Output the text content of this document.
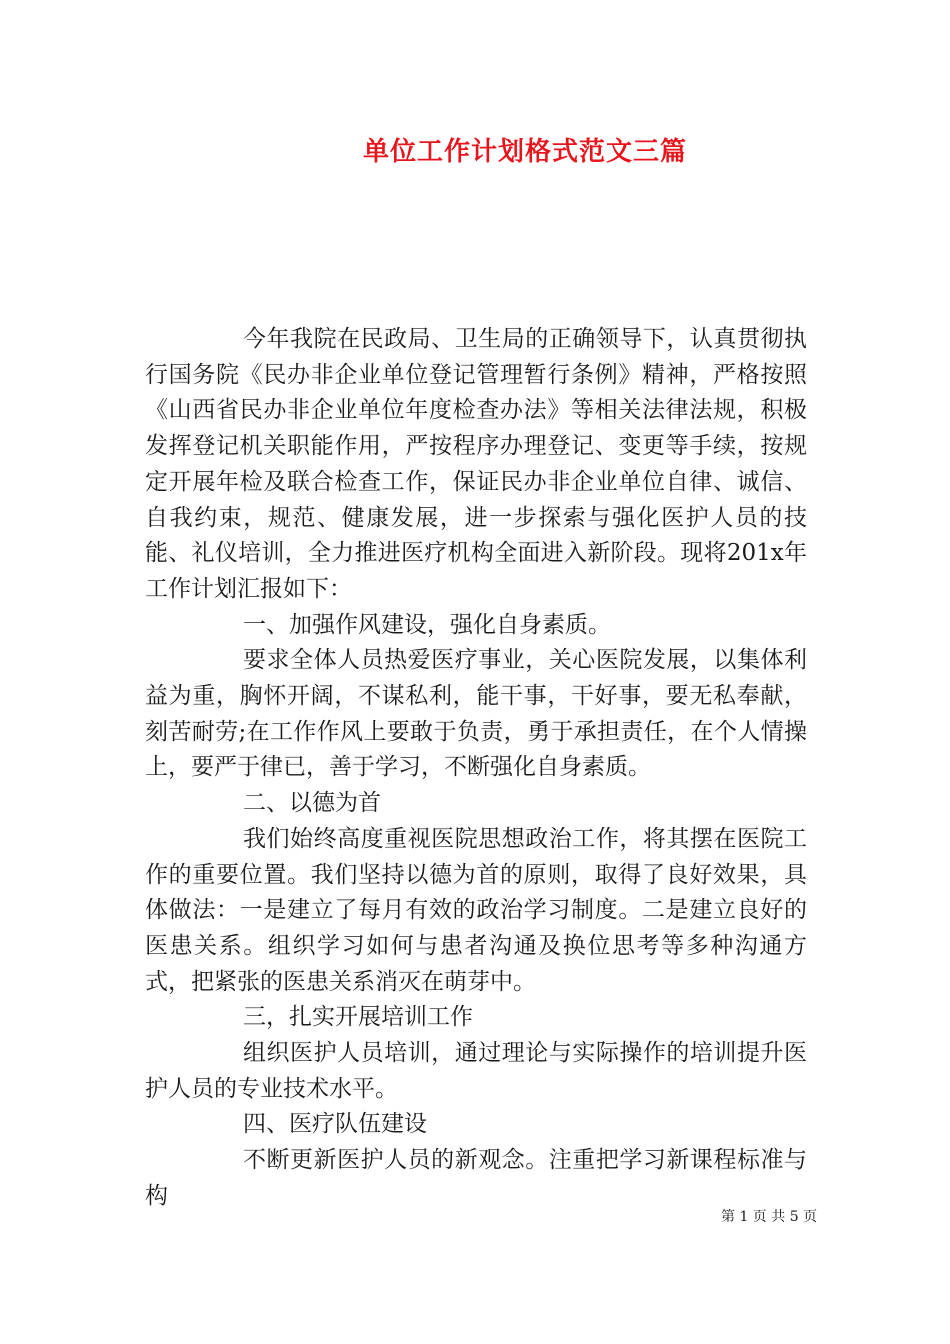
单位工作计划格式范文三篇

今年我院在民政局、卫生局的正确领导下，认真贯彻执行国务院《民办非企业单位登记管理暂行条例》精神，严格按照《山西省民办非企业单位年度检查办法》等相关法律法规，积极发挥登记机关职能作用，严按程序办理登记、变更等手续，按规定开展年检及联合检查工作，保证民办非企业单位自律、诚信、自我约束，规范、健康发展，进一步探索与强化医护人员的技能、礼仪培训，全力推进医疗机构全面进入新阶段。现将201x年工作计划汇报如下：

一、加强作风建设，强化自身素质。

要求全体人员热爱医疗事业，关心医院发展，以集体利益为重，胸怀开阔，不谋私利，能干事，干好事，要无私奉献，刻苦耐劳;在工作作风上要敢于负责，勇于承担责任，在个人情操上，要严于律已，善于学习，不断强化自身素质。

二、以德为首

我们始终高度重视医院思想政治工作，将其摆在医院工作的重要位置。我们坚持以德为首的原则，取得了良好效果，具体做法：一是建立了每月有效的政治学习制度。二是建立良好的医患关系。组织学习如何与患者沟通及换位思考等多种沟通方式，把紧张的医患关系消灭在萌芽中。

三，扎实开展培训工作

组织医护人员培训，通过理论与实际操作的培训提升医护人员的专业技术水平。

四、医疗队伍建设

不断更新医护人员的新观念。注重把学习新课程标准与构

第 1 页 共 5 页
